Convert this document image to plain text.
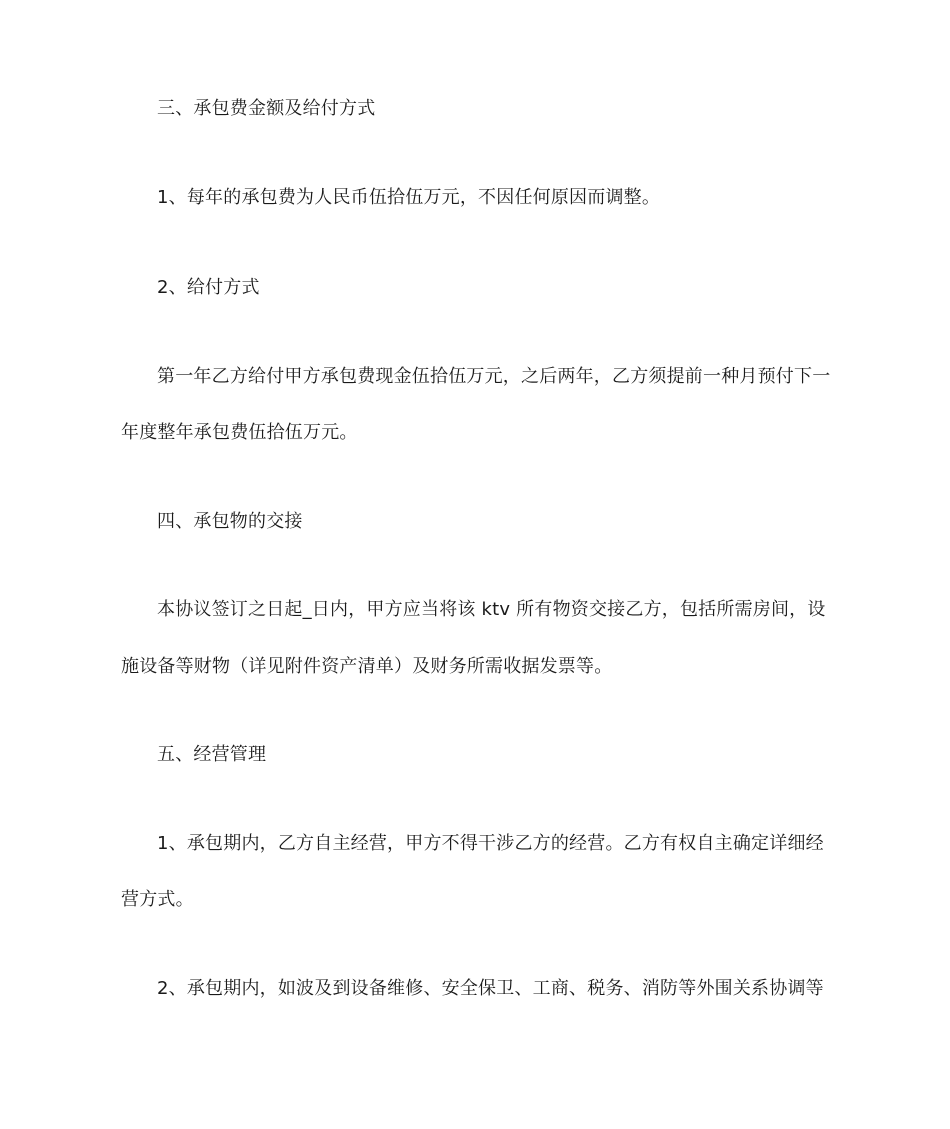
三、承包费金额及给付方式
1、每年的承包费为人民币伍拾伍万元，不因任何原因而调整。
2、给付方式
第一年乙方给付甲方承包费现金伍拾伍万元，之后两年，乙方须提前一种月预付下一
年度整年承包费伍拾伍万元。
四、承包物的交接
本协议签订之日起_日内，甲方应当将该 ktv 所有物资交接乙方，包括所需房间，设
施设备等财物（详见附件资产清单）及财务所需收据发票等。
五、经营管理
1、承包期内，乙方自主经营，甲方不得干涉乙方的经营。乙方有权自主确定详细经
营方式。
2、承包期内，如波及到设备维修、安全保卫、工商、税务、消防等外围关系协调等
